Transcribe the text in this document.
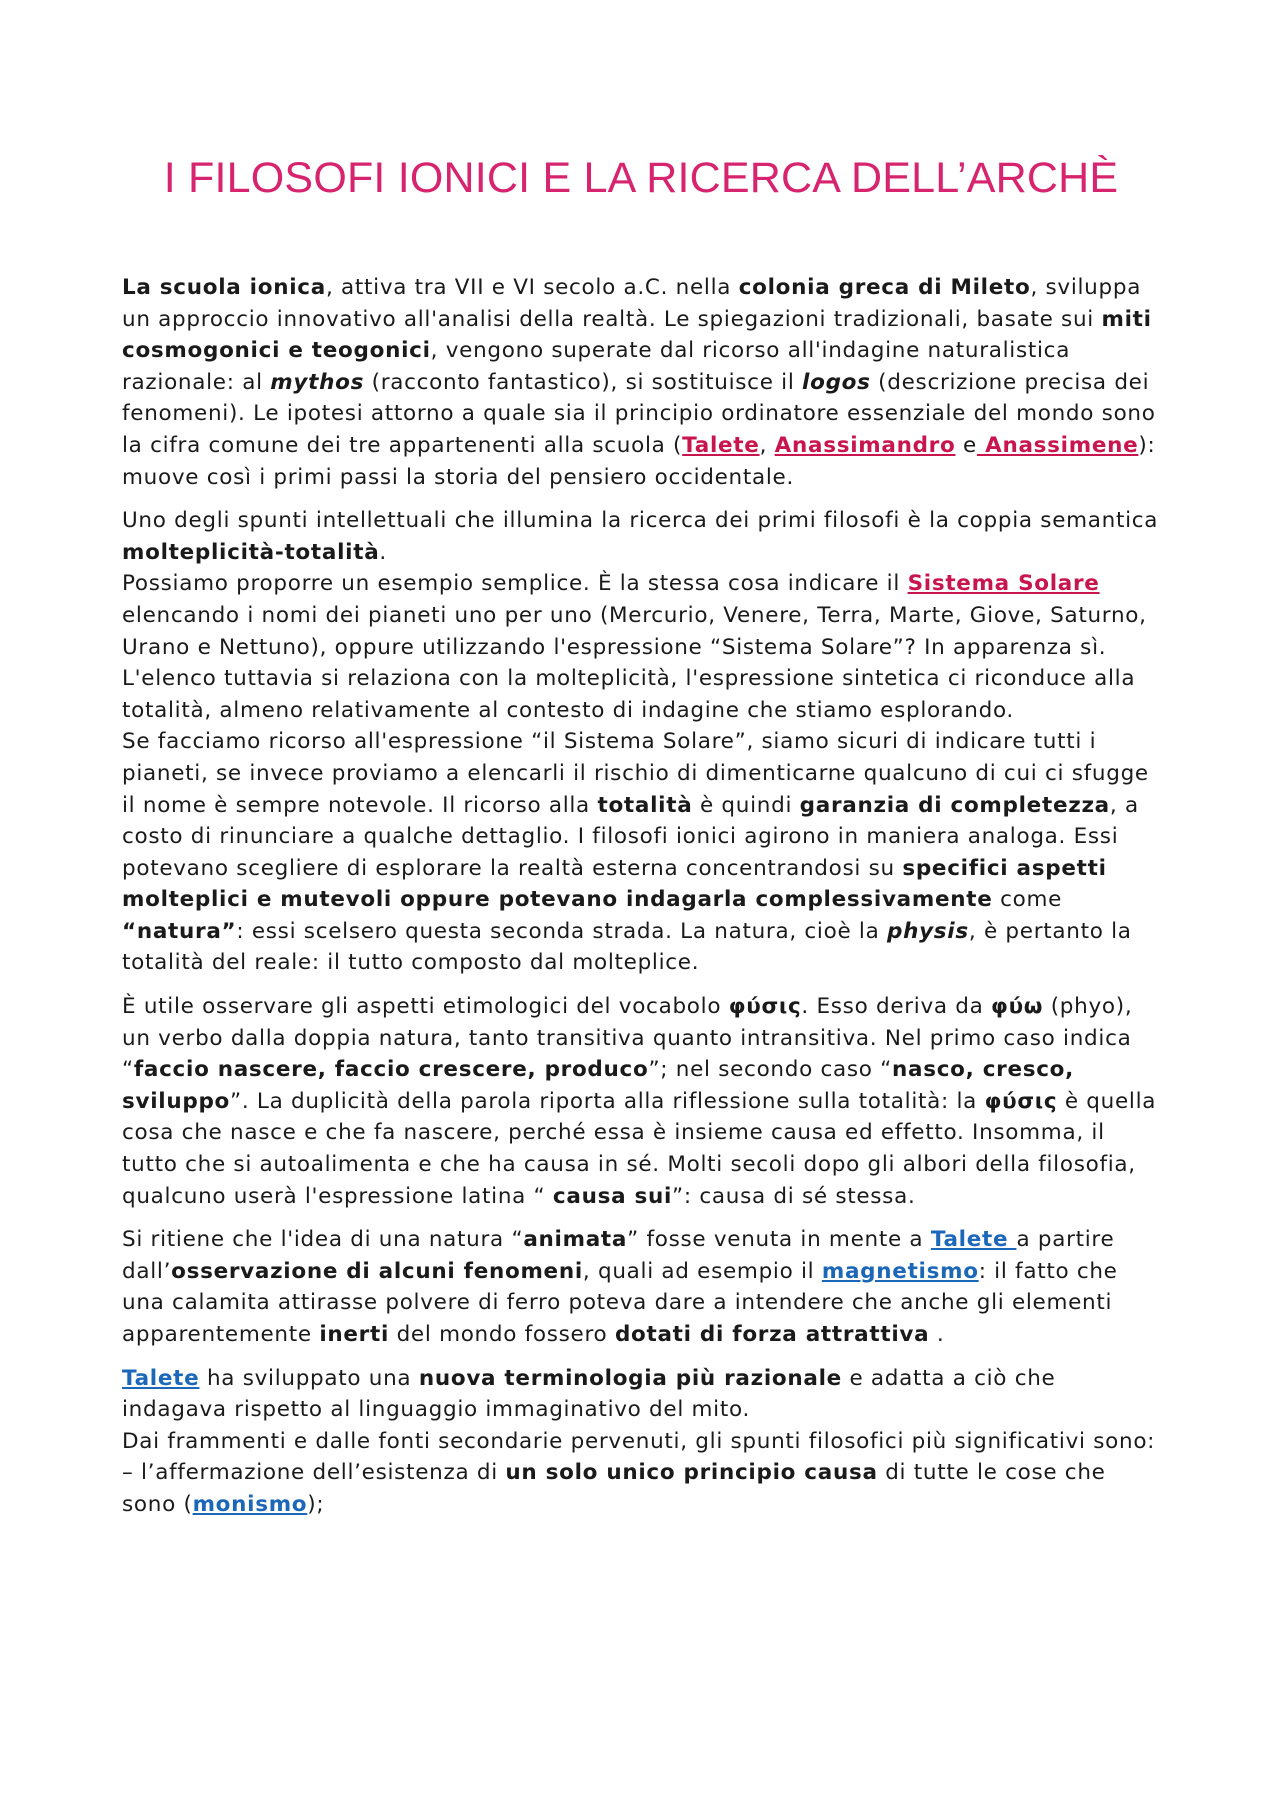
I FILOSOFI IONICI E LA RICERCA DELL’ARCHÈ

La scuola ionica, attiva tra VII e VI secolo a.C. nella colonia greca di Mileto, sviluppa un approccio innovativo all'analisi della realtà. Le spiegazioni tradizionali, basate sui miti cosmogonici e teogonici, vengono superate dal ricorso all'indagine naturalistica razionale: al mythos (racconto fantastico), si sostituisce il logos (descrizione precisa dei fenomeni). Le ipotesi attorno a quale sia il principio ordinatore essenziale del mondo sono la cifra comune dei tre appartenenti alla scuola (Talete, Anassimandro e Anassimene): muove così i primi passi la storia del pensiero occidentale.

Uno degli spunti intellettuali che illumina la ricerca dei primi filosofi è la coppia semantica molteplicità-totalità.
Possiamo proporre un esempio semplice. È la stessa cosa indicare il Sistema Solare elencando i nomi dei pianeti uno per uno (Mercurio, Venere, Terra, Marte, Giove, Saturno, Urano e Nettuno), oppure utilizzando l'espressione “Sistema Solare”? In apparenza sì. L'elenco tuttavia si relaziona con la molteplicità, l'espressione sintetica ci riconduce alla totalità, almeno relativamente al contesto di indagine che stiamo esplorando.
Se facciamo ricorso all'espressione “il Sistema Solare”, siamo sicuri di indicare tutti i pianeti, se invece proviamo a elencarli il rischio di dimenticarne qualcuno di cui ci sfugge il nome è sempre notevole. Il ricorso alla totalità è quindi garanzia di completezza, a costo di rinunciare a qualche dettaglio. I filosofi ionici agirono in maniera analoga. Essi potevano scegliere di esplorare la realtà esterna concentrandosi su specifici aspetti molteplici e mutevoli oppure potevano indagarla complessivamente come “natura”: essi scelsero questa seconda strada. La natura, cioè la physis, è pertanto la totalità del reale: il tutto composto dal molteplice.

È utile osservare gli aspetti etimologici del vocabolo φύσις. Esso deriva da φύω (phyo), un verbo dalla doppia natura, tanto transitiva quanto intransitiva. Nel primo caso indica “faccio nascere, faccio crescere, produco”; nel secondo caso “nasco, cresco, sviluppo”. La duplicità della parola riporta alla riflessione sulla totalità: la φύσις è quella cosa che nasce e che fa nascere, perché essa è insieme causa ed effetto. Insomma, il tutto che si autoalimenta e che ha causa in sé. Molti secoli dopo gli albori della filosofia, qualcuno userà l'espressione latina “ causa sui”: causa di sé stessa.

Si ritiene che l'idea di una natura “animata” fosse venuta in mente a Talete a partire dall’osservazione di alcuni fenomeni, quali ad esempio il magnetismo: il fatto che una calamita attirasse polvere di ferro poteva dare a intendere che anche gli elementi apparentemente inerti del mondo fossero dotati di forza attrattiva .

Talete ha sviluppato una nuova terminologia più razionale e adatta a ciò che indagava rispetto al linguaggio immaginativo del mito.
Dai frammenti e dalle fonti secondarie pervenuti, gli spunti filosofici più significativi sono:
– l’affermazione dell’esistenza di un solo unico principio causa di tutte le cose che sono (monismo);
